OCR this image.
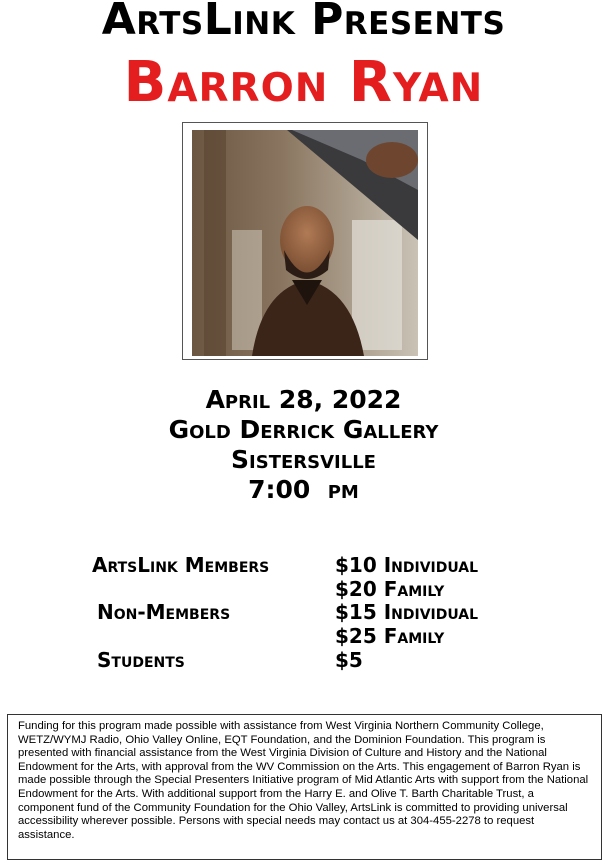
ArtsLink Presents
Barron Ryan
April 28, 2022
Gold Derrick Gallery
Sistersville
7:00  pm
ArtsLink Members	$10 Individual
$20 Family
Non-Members	$15 Individual
$25 Family
Students	$5
Funding for this program made possible with assistance from West Virginia Northern Community College, WETZ/WYMJ Radio, Ohio Valley Online, EQT Foundation, and the Dominion Foundation. This program is presented with financial assistance from the West Virginia Division of Culture and History and the National Endowment for the Arts, with approval from the WV Commission on the Arts. This engagement of Barron Ryan is made possible through the Special Presenters Initiative program of Mid Atlantic Arts with support from the National Endowment for the Arts. With additional support from the Harry E. and Olive T. Barth Charitable Trust, a component fund of the Community Foundation for the Ohio Valley, ArtsLink is committed to providing universal accessibility wherever possible. Persons with special needs may contact us at 304-455-2278 to request assistance.
